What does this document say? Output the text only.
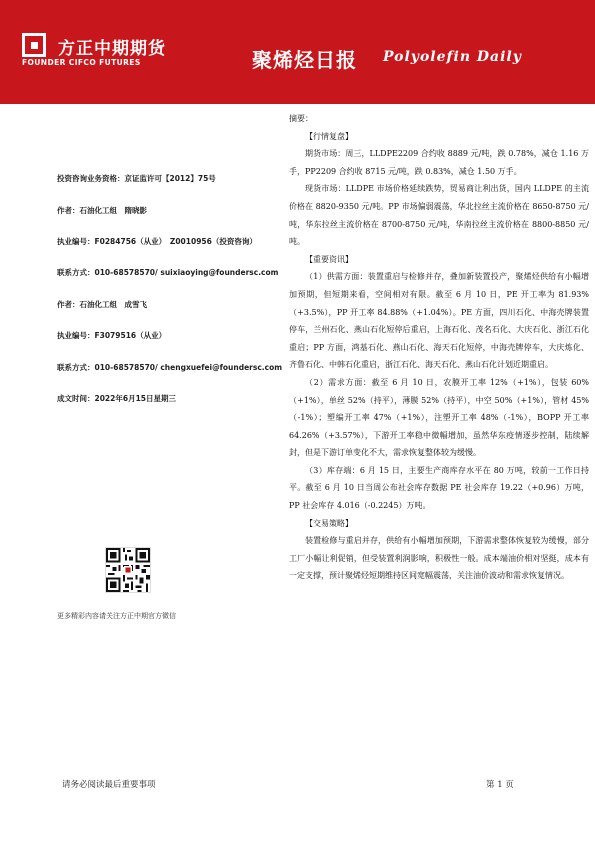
方正中期期货
FOUNDER CIFCO FUTURES	聚烯烃日报 Polyolefin Daily
投资咨询业务资格：京证监许可【2012】75号
作者：石油化工组　隋晓影
执业编号：F0284756（从业）　Z0010956（投资咨询）
联系方式：010-68578570/ suixiaoying@foundersc.com
作者：石油化工组　成雪飞
执业编号：F3079516（从业）
联系方式：010-68578570/ chengxuefei@foundersc.com
成文时间：2022年6月15日星期三
更多精彩内容请关注方正中期官方微信

摘要：

【行情复盘】

期货市场：周三，LLDPE2209 合约收 8889 元/吨，跌 0.78%，减仓 1.16 万手，PP2209 合约收 8715 元/吨，跌 0.83%，减仓 1.50 万手。

现货市场：LLDPE 市场价格延续跌势，贸易商让利出货，国内 LLDPE 的主流价格在 8820-9350 元/吨。PP 市场偏弱震荡，华北拉丝主流价格在 8650-8750 元/吨，华东拉丝主流价格在 8700-8750 元/吨，华南拉丝主流价格在 8800-8850 元/吨。

【重要资讯】

（1）供需方面：装置重启与检修并存，叠加新装置投产，聚烯烃供给有小幅增加预期，但短期来看，空间相对有限。截至 6 月 10 日，PE 开工率为 81.93%（+3.5%），PP 开工率 84.88%（+1.04%）。PE 方面，四川石化、中海壳牌装置停车，兰州石化、燕山石化短停后重启，上海石化、茂名石化、大庆石化、浙江石化重启；PP 方面，鸿基石化、燕山石化、海天石化短停，中海壳牌停车，大庆炼化、齐鲁石化、中韩石化重启，浙江石化、海天石化、燕山石化计划近期重启。

（2）需求方面：截至 6 月 10 日，农膜开工率 12%（+1%），包装 60%（+1%），单丝 52%（持平），薄膜 52%（持平），中空 50%（+1%），管材 45%（-1%）；塑编开工率 47%（+1%），注塑开工率 48%（-1%），BOPP 开工率 64.26%（+3.57%），下游开工率稳中微幅增加，虽然华东疫情逐步控制，陆续解封，但是下游订单变化不大，需求恢复整体较为缓慢。

（3）库存端：6 月 15 日，主要生产商库存水平在 80 万吨，较前一工作日持平。截至 6 月 10 日当周公布社会库存数据 PE 社会库存 19.22（+0.96）万吨，PP 社会库存 4.016（-0.2245）万吨。

【交易策略】

装置检修与重启并存，供给有小幅增加预期，下游需求整体恢复较为缓慢，部分工厂小幅让利促销，但受装置利润影响，积极性一般。成本端油价相对坚挺，成本有一定支撑，预计聚烯烃短期维持区间宽幅震荡，关注油价波动和需求恢复情况。

请务必阅读最后重要事项	第 1 页
